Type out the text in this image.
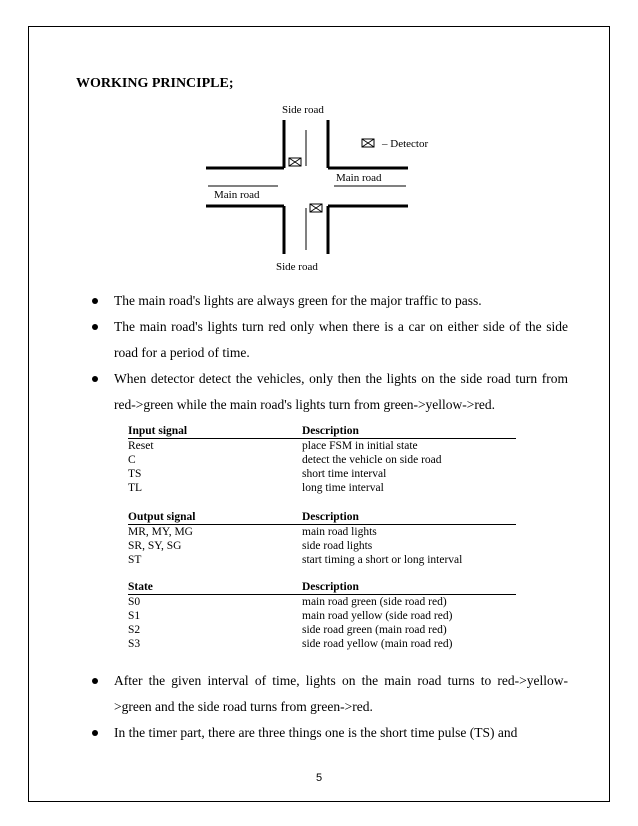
WORKING PRINCIPLE;
Side road
Main road
Main road
Side road
– Detector
The main road's lights are always green for the major traffic to pass.
The main road's lights turn red only when there is a car on either side of the side road for a period of time.
When detector detect the vehicles, only then the lights on the side road turn from red->green while the main road's lights turn from green->yellow->red.
Input signal	Description
Reset	place FSM in initial state
C	detect the vehicle on side road
TS	short time interval
TL	long time interval
Output signal	Description
MR, MY, MG	main road lights
SR, SY, SG	side road lights
ST	start timing a short or long interval
State	Description
S0	main road green (side road red)
S1	main road yellow (side road red)
S2	side road green (main road red)
S3	side road yellow (main road red)
After the given interval of time, lights on the main road turns to red->yellow->green and the side road turns from green->red.
In the timer part, there are three things one is the short time pulse (TS) and
5
